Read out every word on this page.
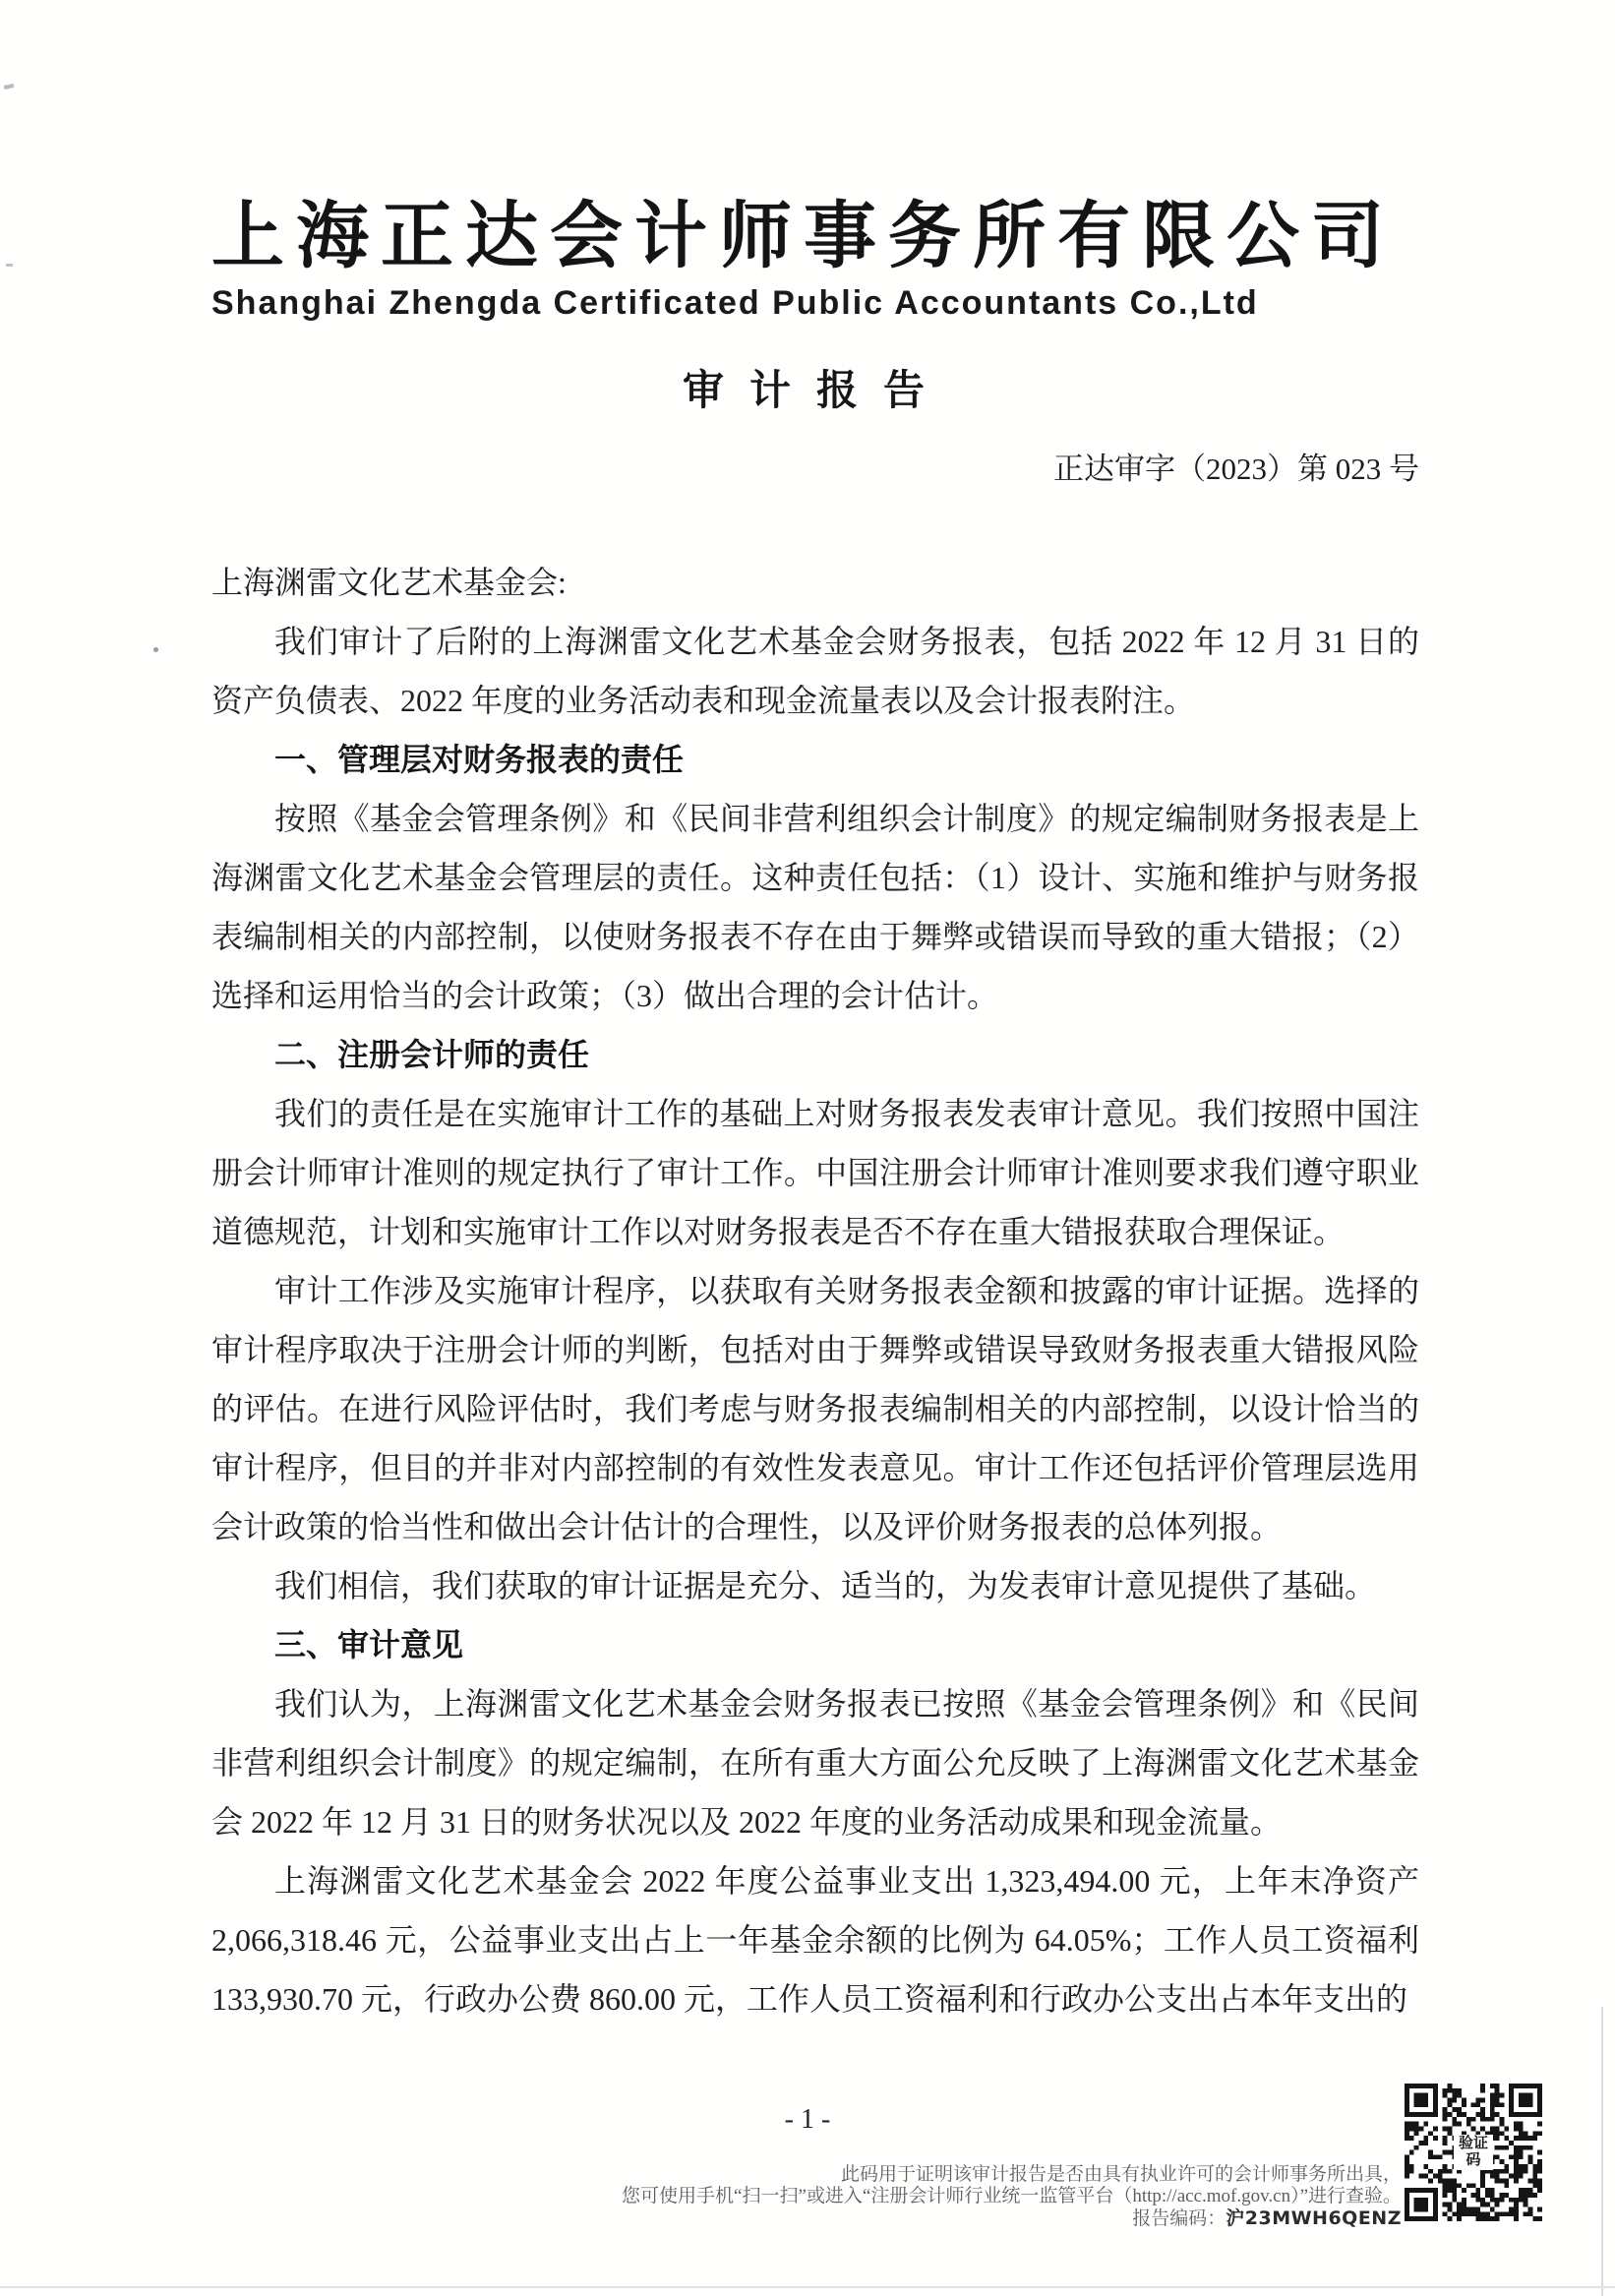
上海正达会计师事务所有限公司
Shanghai Zhengda Certificated Public Accountants Co.,Ltd
审计报告
正达审字（2023）第 023 号

上海渊雷文化艺术基金会:

我们审计了后附的上海渊雷文化艺术基金会财务报表，包括 2022 年 12 月 31 日的资产负债表、2022 年度的业务活动表和现金流量表以及会计报表附注。

一、管理层对财务报表的责任

按照《基金会管理条例》和《民间非营利组织会计制度》的规定编制财务报表是上海渊雷文化艺术基金会管理层的责任。这种责任包括：（1）设计、实施和维护与财务报表编制相关的内部控制，以使财务报表不存在由于舞弊或错误而导致的重大错报；（2）选择和运用恰当的会计政策；（3）做出合理的会计估计。

二、注册会计师的责任

我们的责任是在实施审计工作的基础上对财务报表发表审计意见。我们按照中国注册会计师审计准则的规定执行了审计工作。中国注册会计师审计准则要求我们遵守职业道德规范，计划和实施审计工作以对财务报表是否不存在重大错报获取合理保证。

审计工作涉及实施审计程序，以获取有关财务报表金额和披露的审计证据。选择的审计程序取决于注册会计师的判断，包括对由于舞弊或错误导致财务报表重大错报风险的评估。在进行风险评估时，我们考虑与财务报表编制相关的内部控制，以设计恰当的审计程序，但目的并非对内部控制的有效性发表意见。审计工作还包括评价管理层选用会计政策的恰当性和做出会计估计的合理性，以及评价财务报表的总体列报。

我们相信，我们获取的审计证据是充分、适当的，为发表审计意见提供了基础。

三、审计意见

我们认为，上海渊雷文化艺术基金会财务报表已按照《基金会管理条例》和《民间非营利组织会计制度》的规定编制，在所有重大方面公允反映了上海渊雷文化艺术基金会 2022 年 12 月 31 日的财务状况以及 2022 年度的业务活动成果和现金流量。

上海渊雷文化艺术基金会 2022 年度公益事业支出 1,323,494.00 元，上年末净资产 2,066,318.46 元，公益事业支出占上一年基金余额的比例为 64.05%；工作人员工资福利 133,930.70 元，行政办公费 860.00 元，工作人员工资福利和行政办公支出占本年支出的

- 1 -
此码用于证明该审计报告是否由具有执业许可的会计师事务所出具，
您可使用手机“扫一扫”或进入“注册会计师行业统一监管平台（http://acc.mof.gov.cn）”进行查验。
报告编码：沪23MWH6QENZ
验证码
